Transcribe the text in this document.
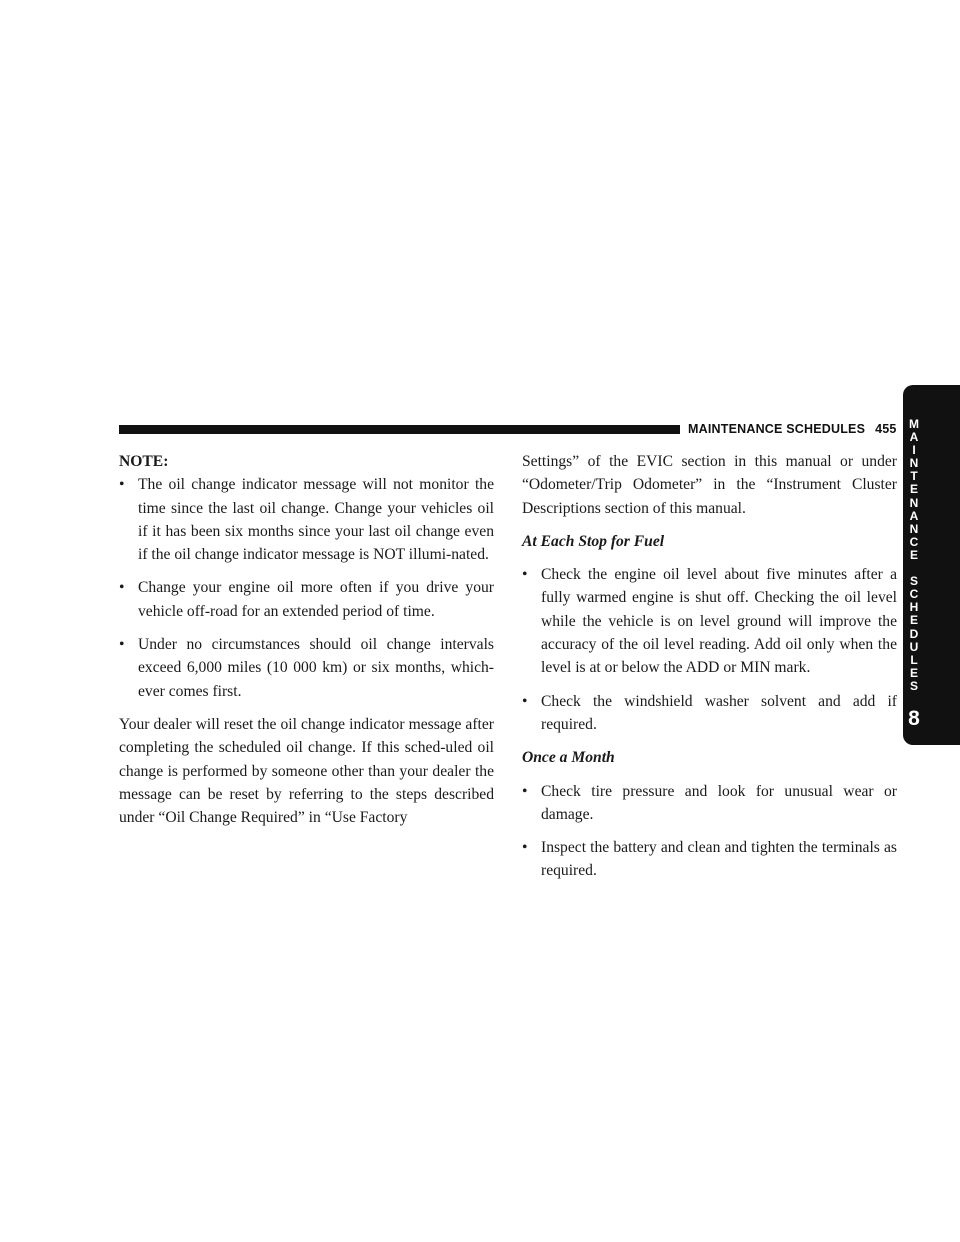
MAINTENANCE SCHEDULES 455	M
A
I
N
T
E
N
A
N
C
E
S
C
H
E
D
U
L
E
S
8
NOTE:
• The oil change indicator message will not monitor the time since the last oil change. Change your vehicles oil if it has been six months since your last oil change even if the oil change indicator message is NOT illumi-nated.
• Change your engine oil more often if you drive your vehicle off-road for an extended period of time.
• Under no circumstances should oil change intervals exceed 6,000 miles (10 000 km) or six months, which-ever comes first.
Your dealer will reset the oil change indicator message after completing the scheduled oil change. If this sched-uled oil change is performed by someone other than your dealer the message can be reset by referring to the steps described under “Oil Change Required” in “Use Factory
Settings” of the EVIC section in this manual or under “Odometer/Trip Odometer” in the “Instrument Cluster Descriptions section of this manual.
At Each Stop for Fuel
• Check the engine oil level about five minutes after a fully warmed engine is shut off. Checking the oil level while the vehicle is on level ground will improve the accuracy of the oil level reading. Add oil only when the level is at or below the ADD or MIN mark.
• Check the windshield washer solvent and add if required.
Once a Month
• Check tire pressure and look for unusual wear or damage.
• Inspect the battery and clean and tighten the terminals as required.
